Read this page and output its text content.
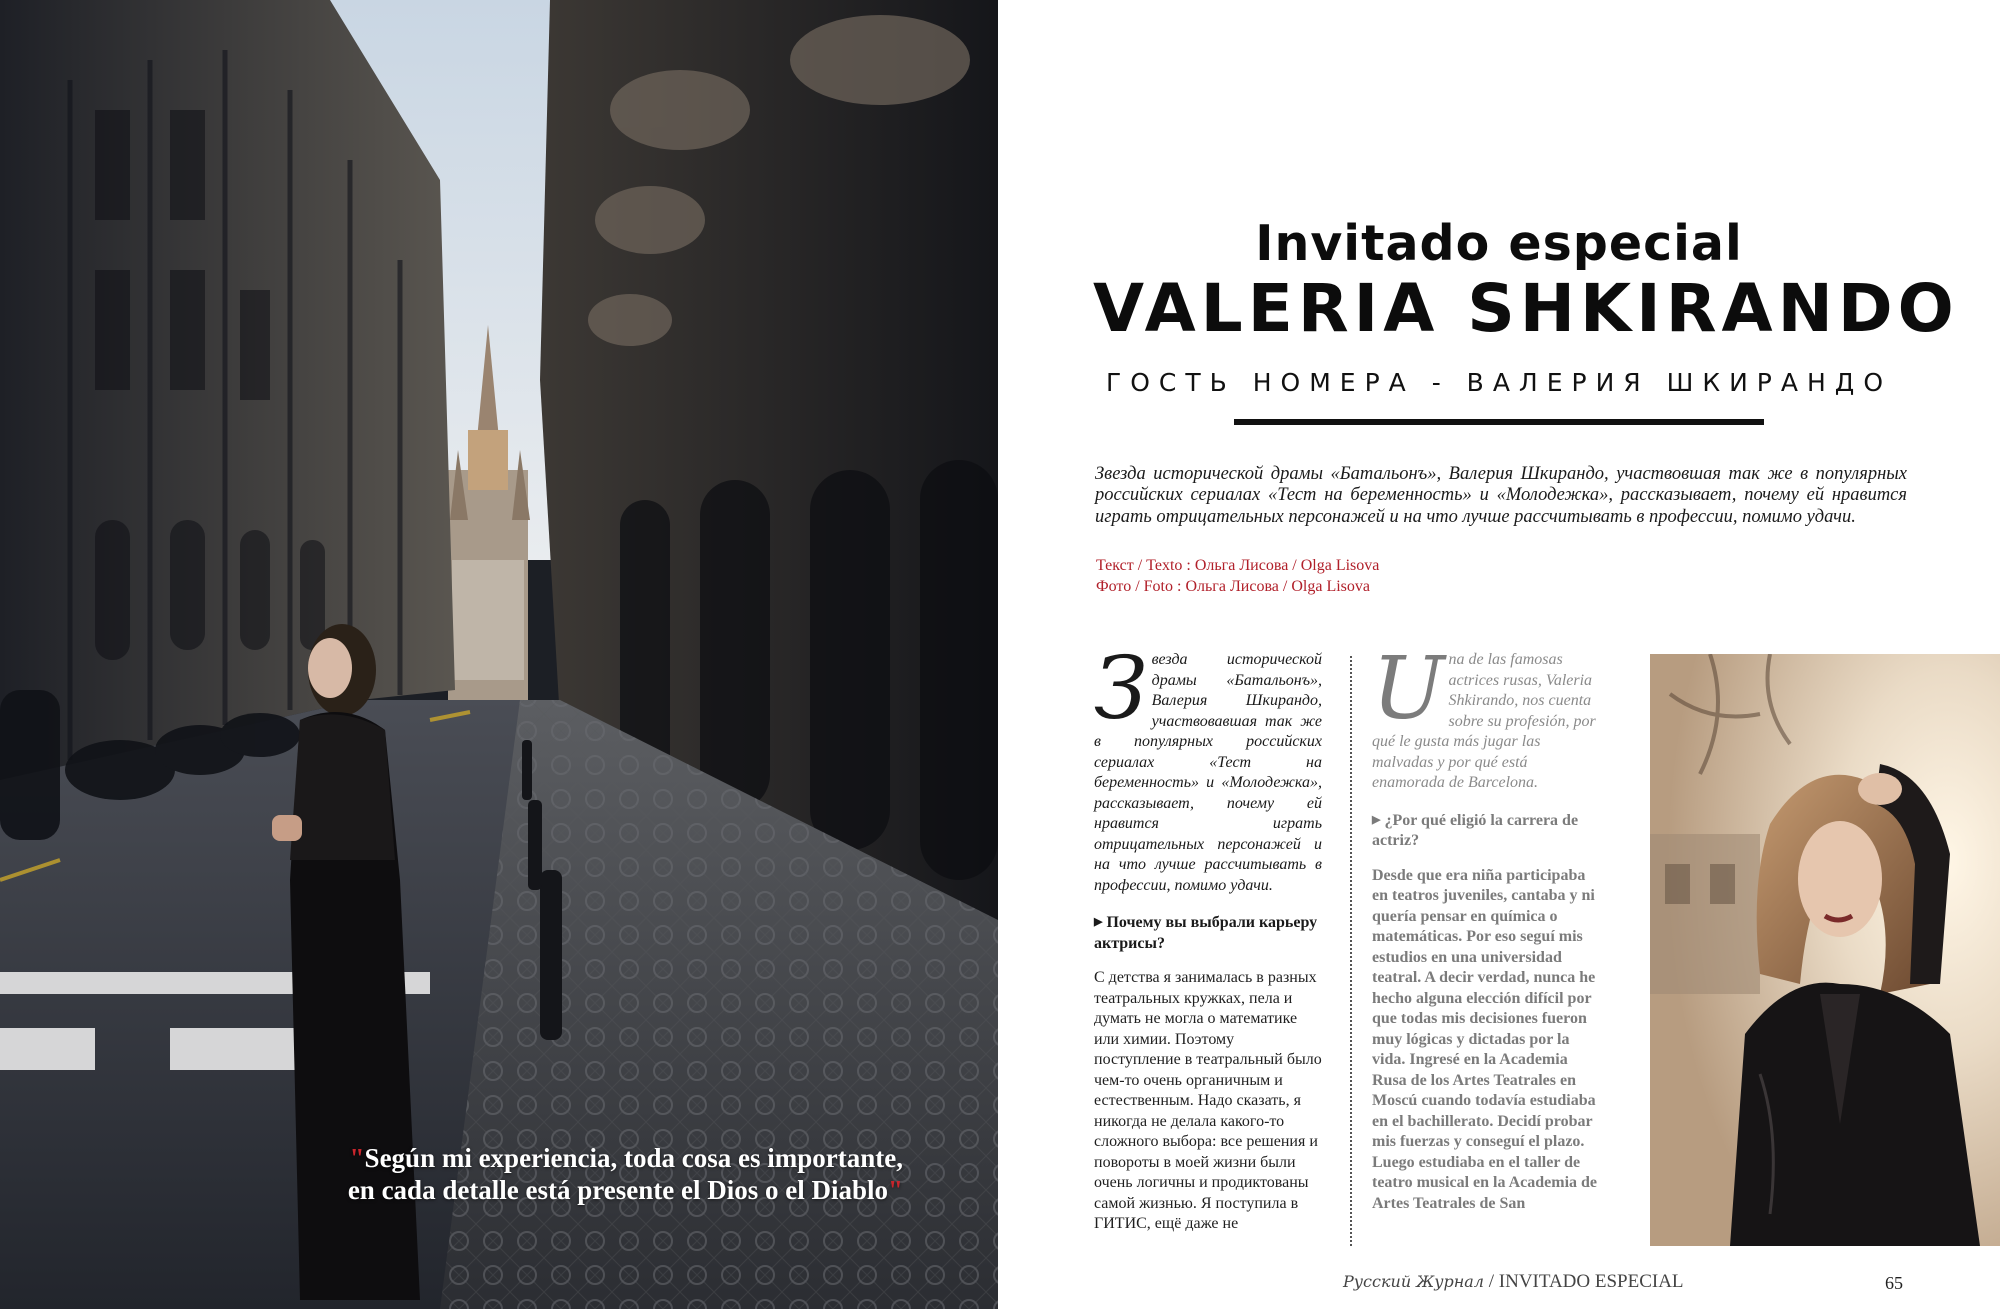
"Según mi experiencia, toda cosa es importante, en cada detalle está presente el Dios o el Diablo"
Invitado especial
VALERIA SHKIRANDO
ГОСТЬ НОМЕРА - ВАЛЕРИЯ ШКИРАНДО

Звезда исторической драмы «Батальонъ», Валерия Шкирандо, участвовшая так же в популярных российских сериалах «Тест на беременность» и «Молодежка», рассказывает, почему ей нравится играть отрицательных персонажей и на что лучше рассчитывать в профессии, помимо удачи.

Текст / Texto : Ольга Лисова / Olga Lisova
Фото / Foto : Ольга Лисова / Olga Lisova

Звезда исторической драмы «Батальонъ», Валерия Шкирандо, участвовавшая так же в популярных российских сериалах «Тест на беременность» и «Молодежка», рассказывает, почему ей нравится играть отрицательных персонажей и на что лучше рассчитывать в профессии, помимо удачи.

▶ Почему вы выбрали карьеру актрисы?

С детства я занималась в разных театральных кружках, пела и думать не могла о математике или химии. Поэтому поступление в театральный было чем-то очень органичным и естественным. Надо сказать, я никогда не делала какого-то сложного выбора: все решения и повороты в моей жизни были очень логичны и продиктованы самой жизнью. Я поступила в ГИТИС, ещё даже не

Una de las famosas actrices rusas, Valeria Shkirando, nos cuenta sobre su profesión, por qué le gusta más jugar las malvadas y por qué está enamorada de Barcelona.

▶ ¿Por qué eligió la carrera de actriz?

Desde que era niña participaba en teatros juveniles, cantaba y ni quería pensar en química o matemáticas. Por eso seguí mis estudios en una universidad teatral. A decir verdad, nunca he hecho alguna elección difícil por que todas mis decisiones fueron muy lógicas y dictadas por la vida. Ingresé en la Academia Rusa de los Artes Teatrales en Moscú cuando todavía estudiaba en el bachillerato. Decidí probar mis fuerzas y conseguí el plazo. Luego estudiaba en el taller de teatro musical en la Academia de Artes Teatrales de San

Русский Журнал / INVITADO ESPECIAL	65
